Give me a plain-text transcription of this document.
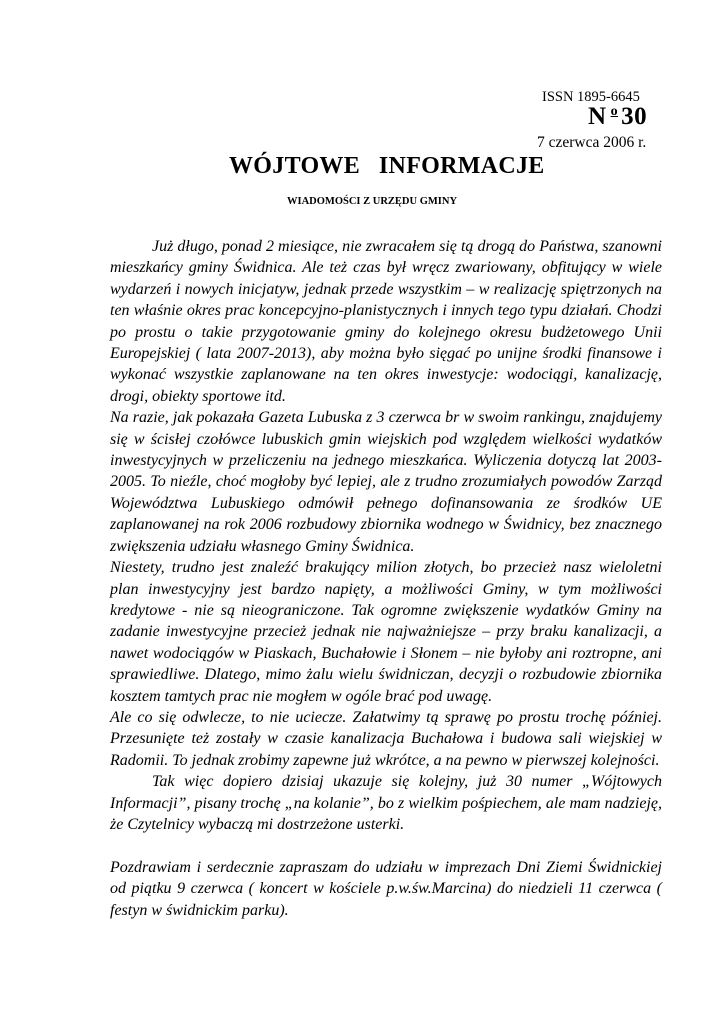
ISSN 1895-6645
N $^o$ 30
7 czerwca 2006 r.
WÓJTOWE   INFORMACJE
WIADOMOŚCI Z URZĘDU GMINY

Już długo, ponad 2 miesiące, nie zwracałem się tą drogą do Państwa, szanowni mieszkańcy gminy Świdnica. Ale też czas był wręcz zwariowany, obfitujący w wiele wydarzeń i nowych inicjatyw, jednak przede wszystkim – w realizację spiętrzonych na ten właśnie okres prac koncepcyjno-planistycznych i innych tego typu działań. Chodzi po prostu o takie przygotowanie gminy do kolejnego okresu budżetowego Unii Europejskiej ( lata 2007-2013), aby można było sięgać po unijne środki finansowe i wykonać wszystkie zaplanowane na ten okres inwestycje: wodociągi, kanalizację, drogi, obiekty sportowe itd.

Na razie, jak pokazała Gazeta Lubuska z 3 czerwca br w swoim rankingu, znajdujemy się w ścisłej czołówce lubuskich gmin wiejskich pod względem wielkości wydatków inwestycyjnych w przeliczeniu na jednego mieszkańca. Wyliczenia dotyczą lat 2003-2005. To nieźle, choć mogłoby być lepiej, ale z trudno zrozumiałych powodów Zarząd Województwa Lubuskiego odmówił pełnego dofinansowania ze środków UE zaplanowanej na rok 2006 rozbudowy zbiornika wodnego w Świdnicy, bez znacznego zwiększenia udziału własnego Gminy Świdnica.

Niestety, trudno jest znaleźć brakujący milion złotych, bo przecież nasz wieloletni plan inwestycyjny jest bardzo napięty, a możliwości Gminy, w tym możliwości kredytowe - nie są nieograniczone. Tak ogromne zwiększenie wydatków Gminy na zadanie inwestycyjne przecież jednak nie najważniejsze – przy braku kanalizacji, a nawet wodociągów w Piaskach, Buchałowie i Słonem – nie byłoby ani roztropne, ani sprawiedliwe. Dlatego, mimo żalu wielu świdniczan, decyzji o rozbudowie zbiornika kosztem tamtych prac nie mogłem w ogóle brać pod uwagę.

Ale co się odwlecze, to nie uciecze. Załatwimy tą sprawę po prostu trochę później. Przesunięte też zostały w czasie kanalizacja Buchałowa i budowa sali wiejskiej w Radomii. To jednak zrobimy zapewne już wkrótce, a na pewno w pierwszej kolejności.

Tak więc dopiero dzisiaj ukazuje się kolejny, już 30 numer „Wójtowych Informacji”, pisany trochę „na kolanie”, bo z wielkim pośpiechem, ale mam nadzieję, że Czytelnicy wybaczą mi dostrzeżone usterki.

Pozdrawiam i serdecznie zapraszam do udziału w imprezach Dni Ziemi Świdnickiej od piątku 9 czerwca ( koncert w kościele p.w.św.Marcina) do niedzieli 11 czerwca ( festyn w świdnickim parku).
